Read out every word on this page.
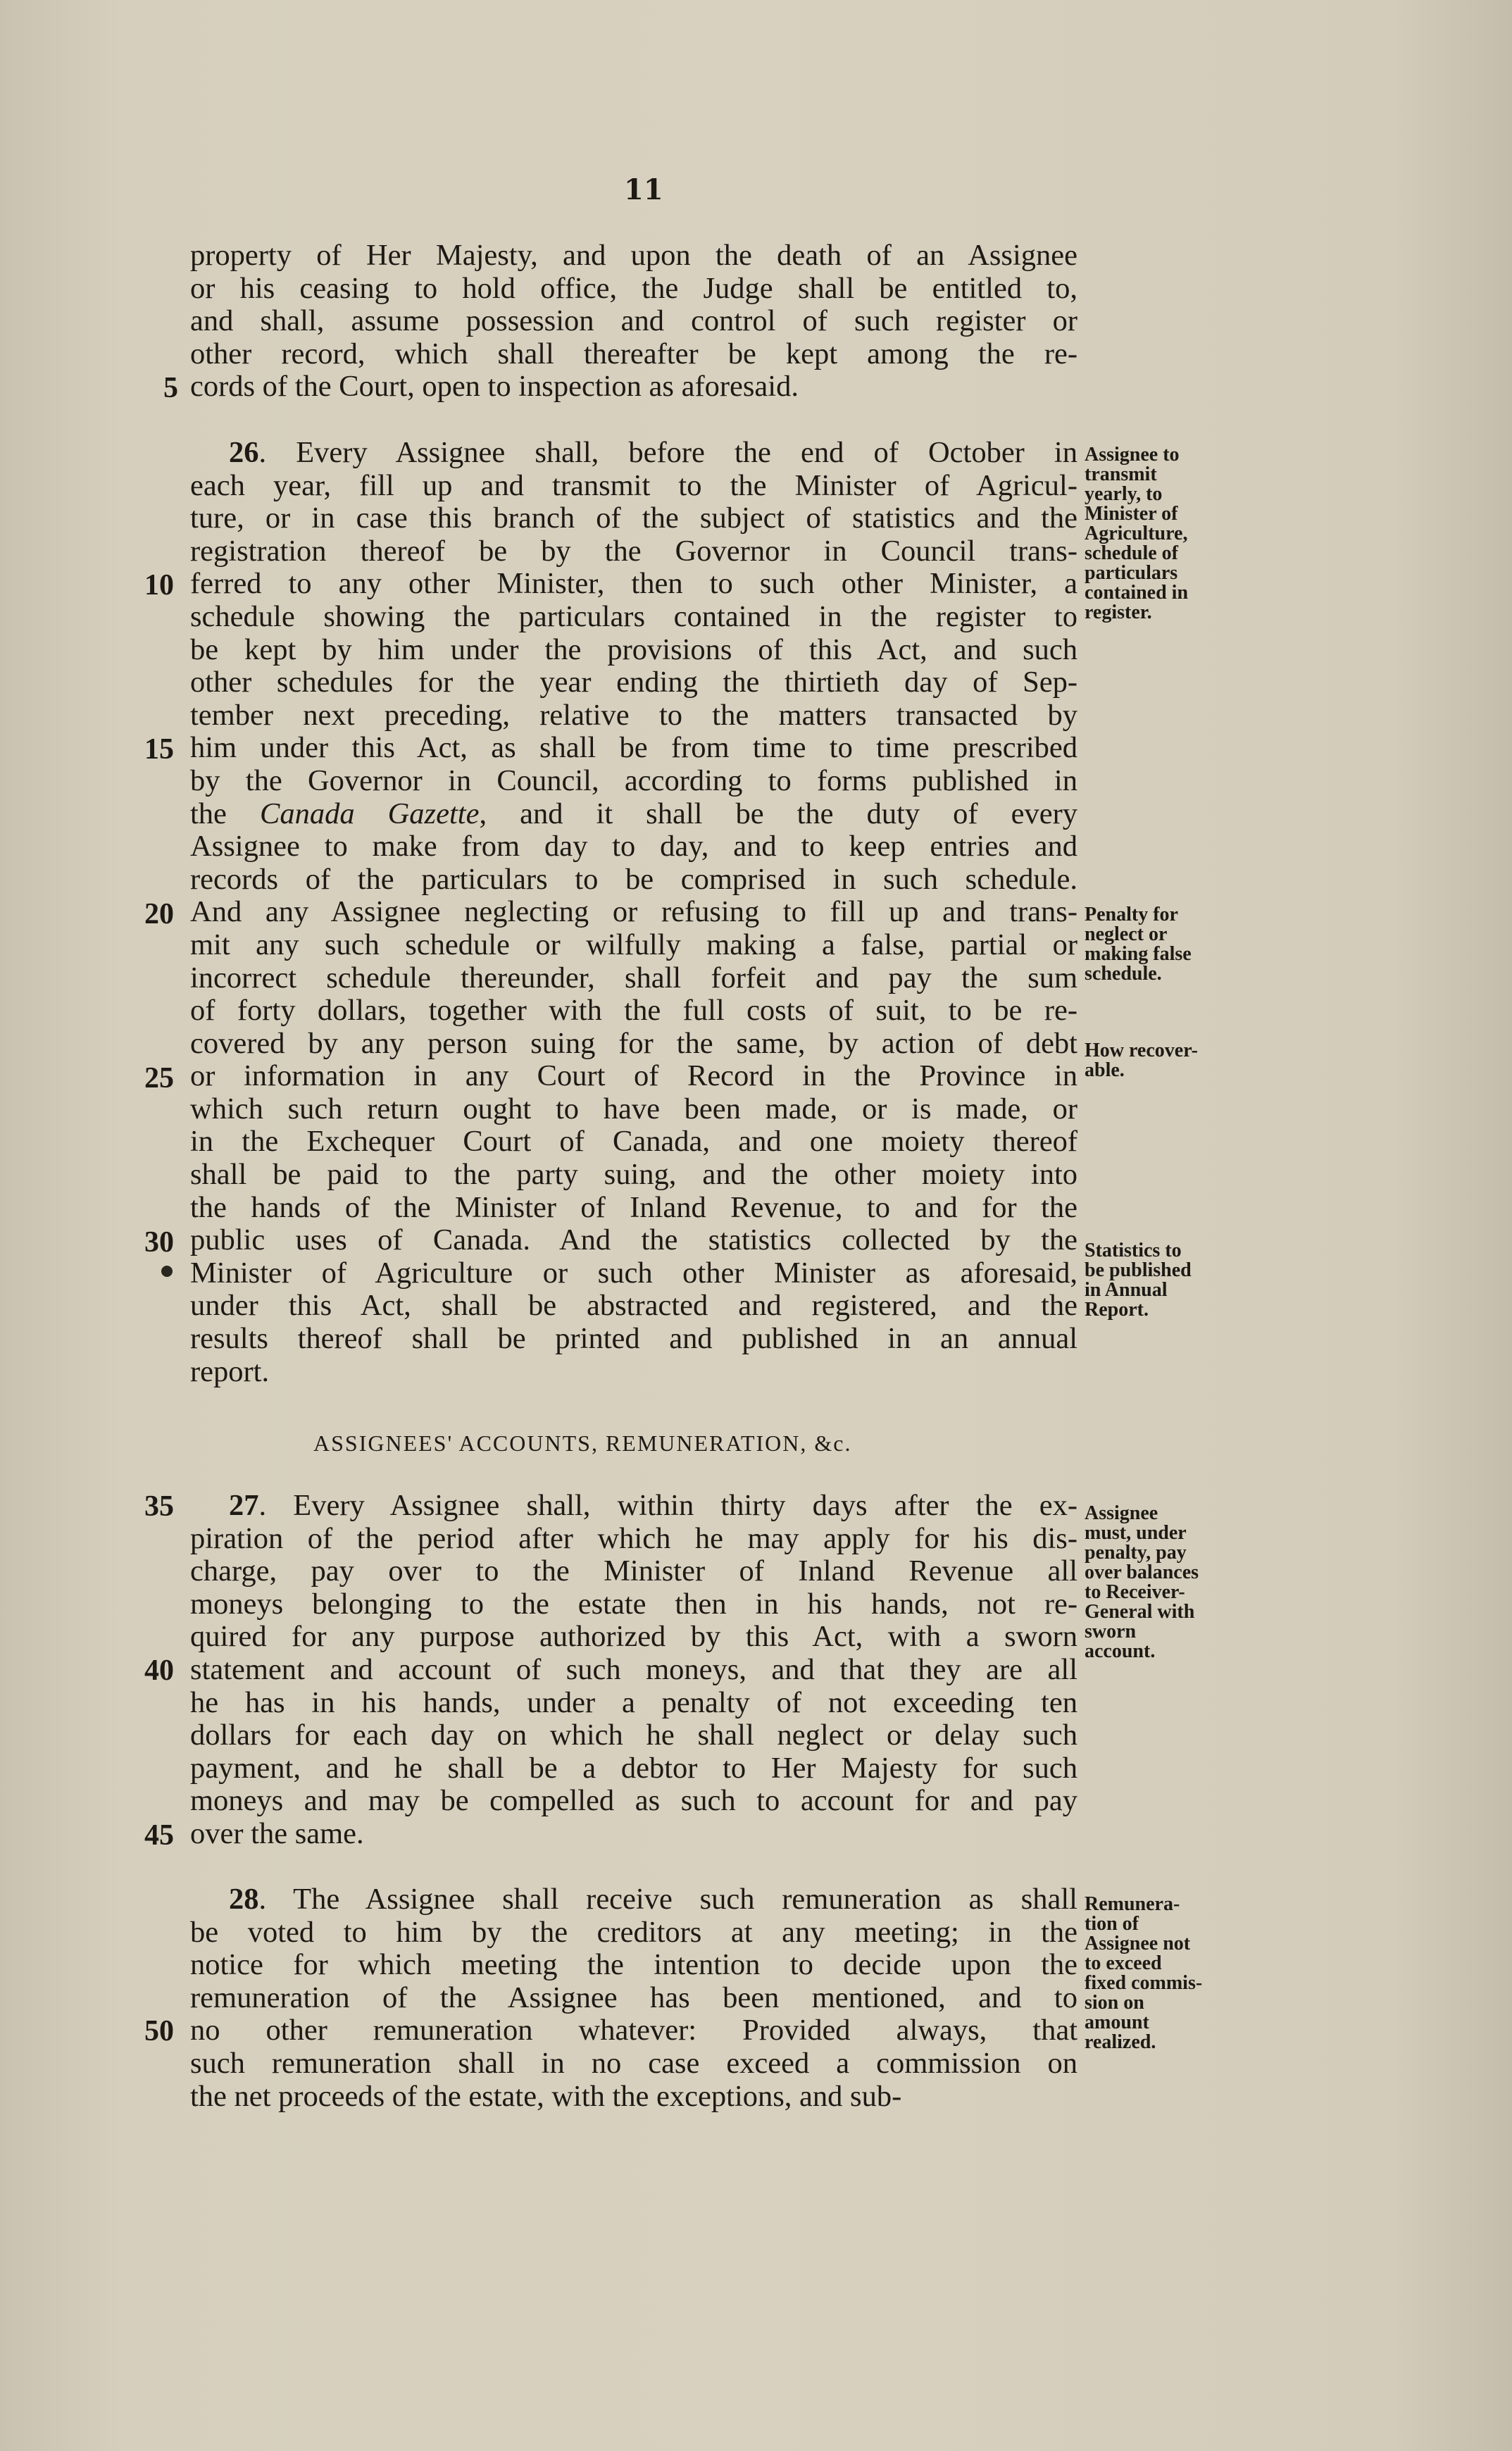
11
property of Her Majesty, and upon the death of an Assignee
or his ceasing to hold office, the Judge shall be entitled to,
and shall, assume possession and control of such register or
other record, which shall thereafter be kept among the re-
cords of the Court, open to inspection as aforesaid.
26. Every Assignee shall, before the end of October in
each year, fill up and transmit to the Minister of Agricul-
ture, or in case this branch of the subject of statistics and the
registration thereof be by the Governor in Council trans-
ferred to any other Minister, then to such other Minister, a
schedule showing the particulars contained in the register to
be kept by him under the provisions of this Act, and such
other schedules for the year ending the thirtieth day of Sep-
tember next preceding, relative to the matters transacted by
him under this Act, as shall be from time to time prescribed
by the Governor in Council, according to forms published in
the Canada Gazette, and it shall be the duty of every
Assignee to make from day to day, and to keep entries and
records of the particulars to be comprised in such schedule.
And any Assignee neglecting or refusing to fill up and trans-
mit any such schedule or wilfully making a false, partial or
incorrect schedule thereunder, shall forfeit and pay the sum
of forty dollars, together with the full costs of suit, to be re-
covered by any person suing for the same, by action of debt
or information in any Court of Record in the Province in
which such return ought to have been made, or is made, or
in the Exchequer Court of Canada, and one moiety thereof
shall be paid to the party suing, and the other moiety into
the hands of the Minister of Inland Revenue, to and for the
public uses of Canada. And the statistics collected by the
Minister of Agriculture or such other Minister as aforesaid,
under this Act, shall be abstracted and registered, and the
results thereof shall be printed and published in an annual
report.
ASSIGNEES' ACCOUNTS, REMUNERATION, &c.
27. Every Assignee shall, within thirty days after the ex-
piration of the period after which he may apply for his dis-
charge, pay over to the Minister of Inland Revenue all
moneys belonging to the estate then in his hands, not re-
quired for any purpose authorized by this Act, with a sworn
statement and account of such moneys, and that they are all
he has in his hands, under a penalty of not exceeding ten
dollars for each day on which he shall neglect or delay such
payment, and he shall be a debtor to Her Majesty for such
moneys and may be compelled as such to account for and pay
over the same.
28. The Assignee shall receive such remuneration as shall
be voted to him by the creditors at any meeting; in the
notice for which meeting the intention to decide upon the
remuneration of the Assignee has been mentioned, and to
no other remuneration whatever: Provided always, that
such remuneration shall in no case exceed a commission on
the net proceeds of the estate, with the exceptions, and sub-
5
10
15
20
25
30
35
40
45
50
Assignee to
transmit
yearly, to
Minister of
Agriculture,
schedule of
particulars
contained in
register.
Penalty for
neglect or
making false
schedule.
How recover-
able.
Statistics to
be published
in Annual
Report.
Assignee
must, under
penalty, pay
over balances
to Receiver-
General with
sworn
account.
Remunera-
tion of
Assignee not
to exceed
fixed commis-
sion on
amount
realized.
